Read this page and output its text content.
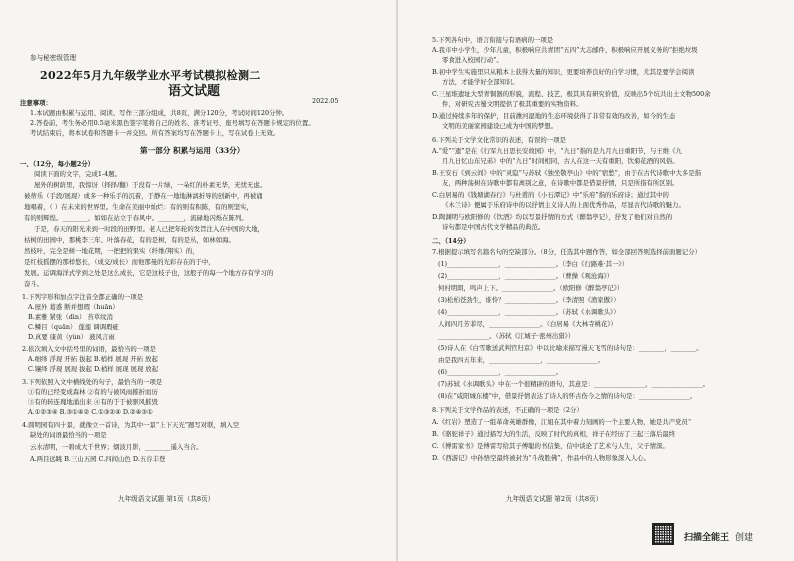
参与秘密级管理
2022年5月九年级学业水平考试模拟检测二
语文试题
2022.05
注意事项：
1.本试题由积累与运用、阅读、写作三部分组成，共8页，满分120分，考试时间120分钟。
2.答卷前，考生务必用0.5毫米黑色签字笔将自己的姓名、准考证号、座号填写在答题卡规定的位置。
考试结束后，将本试卷和答题卡一并交回。所有答案均写在答题卡上，写在试卷上无效。
第一部分 积累与运用（33分）
一、（12分，每小题2分）
阅读下面的文字，完成1-4题。
屋外的树荫里，我惊讶（择择/翻）于没有一片绿，一朵红的朴素无华，无忧无虑。
被蒂乐（手段/展现）或多一种乐手的沉着，于静在一地地淋漓折导的创新中，再被诵
地唱着，（ ）在未来的世界里。生命在美丽中灿烂：有的则有积陈，有的则坚实，
有的则辉煌。________，如如在站立于春风中。________，流碌地闪烁在陈列。
于是，春天的阳光来到一时段的田野里。老人已把年轮的发旨注入在中国的大地，
枯树的田园中，那桃李三年、叶落春花，有的是树，有的是丛，如林如海。
然枝叶，完全是树一地花期，一把把的果实（纤维/翔实）的，
是红枝摇摆的那样悠长，（成交/成长）而他那曼的光彩存在的于中，
发展。运调海洋式学到之处是这么成长，它是这枝子也，这般子的每一个地方存有学习的
奋斗。
1.下列字形和加点字注音全都正确的一项是
A.屋外 葛惑 断并想瑕（huān）
B.素雅 紧张（dìn） 苔草纹消
C.鳞目（quān） 莲莲 调调瑕疵
D.真要 康黄（yùn） 液风言雨
2.依次填入文中括号里的词语，最恰当的一项是
A.细绎 浮现 开拓 拔起 B.梢样 展现 开拓 放起
C.镶绎 浮现 展现 拔起 D.梢样 展现 展现 放起
3.下列依照入文中横线处的句子，最恰当的一项是
①有的已经变成森林 ②有的与被风雨摧折而历
③有的转连瑰地涌出来 ④有的于于被驱风摧毁
A.①②③④ B.③①④② C.①③②④ D.②④③①
4.圆明园有四十景，就像立一首诗，为其中一景“上下天光”题写对联，填入空
缺处的词语最恰当的一项是
云水清明，一碧成大千世界；烟波月影，________遥入当合。
A.两目远眺 B.三山五园 C.四间山色 D.五谷丰登
九年级语文试题 第1页（共8页）
5.下列各句中，语言衔接与有语病的一项是
A.我市中小学生，少年儿童，积极响应共青团“五四”大志邮件，积极响应开展义务的“拒绝垃圾
零食进入校园行动”。
B.初中学生实施里只从粮本上获得大量的知识，更要培养良好的自学习惯，尤其是要学会阅读
方法，才能学好全部知识。
C.三星堆遗址大型青铜器的形貌，流程、技艺，极其具有研究价值，反映出5个坑共出土文物500余
件，对研究古蜀文明提供了极其重要的实物资料。
D.通过持续多年的保护，目前潍河湿地的生态环境获得了非常有效的改善，如今的生态
文明的美丽家园建设已成为中国的梦想。
6.下列关于文学文化常识的表述，有误的一项是
A.“爱”“遗”是在《行军九日思长安故园》中，“九日”指的是九月九日重阳节，与王维《九
月九日忆山东兄弟》中的“九日”时间相同，古人在这一天有重阳，饮菊花酒的风俗。
B.王安石《到云间》中的“灵隐”与苏轼《独坐敬亭山》中的“宿愁”，由于在古代诗歌中大多是指
友，两种荡树在诗歌中都有离别之意，在诗歌中都是借景抒情，只是所指有所区别。
C.白居易的《钱塘湖春行》与杜甫的《小石潭记》中“乐府”指的乐府诗；通过其中的
《木兰诗》便属于乐府诗中的以抒情主义诗人的上面优秀作品，尽显古代诗歌的魅力。
D.陶渊明与欧阳修的《饮酒》均以写景抒情的方式（醉翁亭记），抒发了他们对自然的
诗句都是中国古代文学精品的典范。
二、（14分）
7.根据提示填写名篇名句的空缺部分。（8分，任选其中题作答，如全部回答则选择前面题记分）
(1)________________，________________。（李白《行路难·其一》）
(2)________________，________________。（曹操《观沧海》）
何村明朗，鸣声上下。________________。（欧阳修《醉翁亭记》）
(3)松柏苍劲生，谁怜？________________。（李清照《渔家傲》）
(4)________________，________________。（苏轼《水调歌头》）
人间四月芳菲尽，________________。（白居易《大林寺桃花》）
________________。（苏轼《江城子·密州出猎》）
(5)诗人在《白雪歌送武判官归京》中以比喻来描写漫天飞雪的诗句是：________，________。
由是我四五年来，________________，________________。
(6)________________，________________。
(7)苏轼《水调歌头》中在一个很精辟的语句，其意是：________________，________________。
(8)在“咸阳城东楼”中，借景抒情表达了诗人的怀古伤今之情的诗句是：________________。
8.下列关于文学作品的表述，不正确的一项是（2分）
A.《红岩》塑造了一组革命英雄群像，江姐在其中着力刻画的一个主要人物，她是共产党员“
B.《骆驼祥子》通过描写大的生活，反映了时代的真相，祥子在经历了三起三落后最终
C.《傅雷家书》是傅雷写给其子傅聪的书信集，信中谈论了艺术与人生，父子情深。
D.《西游记》中孙悟空最终被封为“斗战胜佛”，作品中的人物形象深入人心。
九年级语文试题 第2页（共8页）
扫描全能王 创建
